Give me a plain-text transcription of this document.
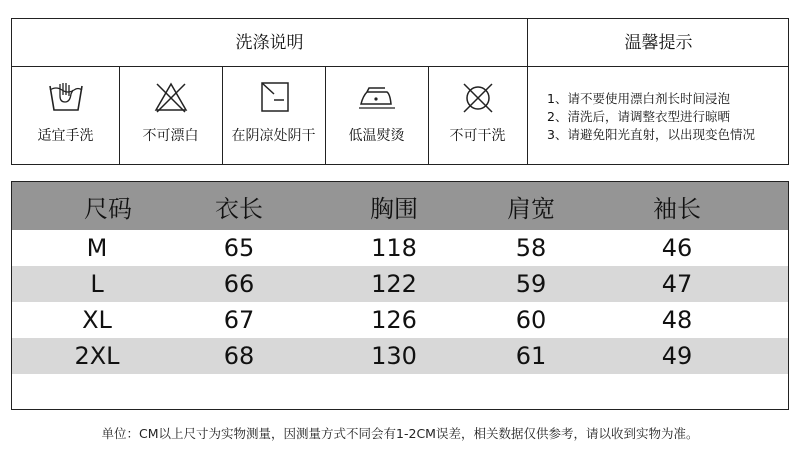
洗涤说明	温馨提示
适宜手洗	不可漂白	在阴凉处阴干	低温熨烫	不可干洗
1、请不要使用漂白剂长时间浸泡
2、清洗后，请调整衣型进行晾晒
3、请避免阳光直射，以出现变色情况
尺码	衣长	胸围	肩宽	袖长
M	65	118	58	46
L	66	122	59	47
XL	67	126	60	48
2XL	68	130	61	49
单位：CM以上尺寸为实物测量，因测量方式不同会有1-2CM误差，相关数据仅供参考，请以收到实物为准。
